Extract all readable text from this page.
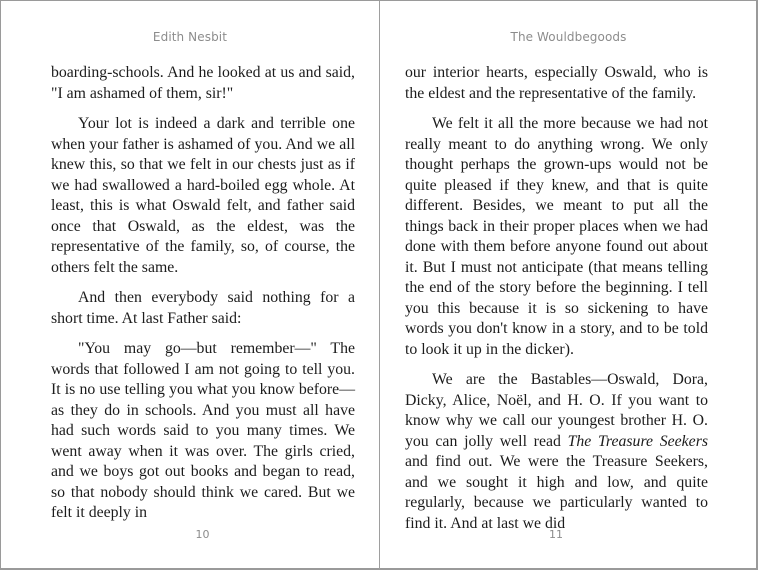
Edith Nesbit

boarding-schools. And he looked at us and said, "I am ashamed of them, sir!"

Your lot is indeed a dark and terrible one when your father is ashamed of you. And we all knew this, so that we felt in our chests just as if we had swallowed a hard-boiled egg whole. At least, this is what Oswald felt, and father said once that Oswald, as the eldest, was the representative of the family, so, of course, the others felt the same.

And then everybody said nothing for a short time. At last Father said:

"You may go—but remember—" The words that followed I am not going to tell you. It is no use telling you what you know before—as they do in schools. And you must all have had such words said to you many times. We went away when it was over. The girls cried, and we boys got out books and began to read, so that nobody should think we cared. But we felt it deeply in

10
The Wouldbegoods

our interior hearts, especially Oswald, who is the eldest and the representative of the family.

We felt it all the more because we had not really meant to do anything wrong. We only thought perhaps the grown-ups would not be quite pleased if they knew, and that is quite different. Besides, we meant to put all the things back in their proper places when we had done with them before anyone found out about it. But I must not anticipate (that means telling the end of the story before the beginning. I tell you this because it is so sickening to have words you don't know in a story, and to be told to look it up in the dicker).

We are the Bastables—Oswald, Dora, Dicky, Alice, Noël, and H. O. If you want to know why we call our youngest brother H. O. you can jolly well read The Treasure Seekers and find out. We were the Treasure Seekers, and we sought it high and low, and quite regularly, because we particularly wanted to find it. And at last we did

11
